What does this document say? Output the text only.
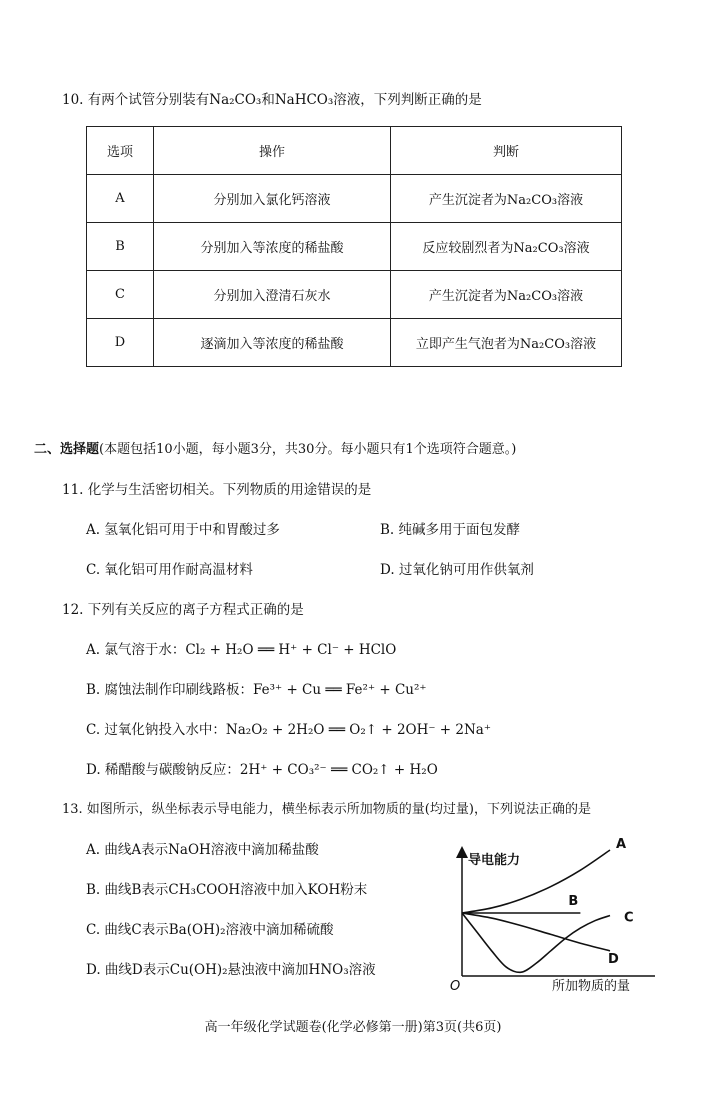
10. 有两个试管分别装有Na₂CO₃和NaHCO₃溶液，下列判断正确的是
选项	操作	判断
A	分别加入氯化钙溶液	产生沉淀者为Na₂CO₃溶液
B	分别加入等浓度的稀盐酸	反应较剧烈者为Na₂CO₃溶液
C	分别加入澄清石灰水	产生沉淀者为Na₂CO₃溶液
D	逐滴加入等浓度的稀盐酸	立即产生气泡者为Na₂CO₃溶液
二、选择题(本题包括10小题，每小题3分，共30分。每小题只有1个选项符合题意。)
11. 化学与生活密切相关。下列物质的用途错误的是
A. 氢氧化铝可用于中和胃酸过多	B. 纯碱多用于面包发酵
C. 氧化铝可用作耐高温材料	D. 过氧化钠可用作供氧剂
12. 下列有关反应的离子方程式正确的是
A. 氯气溶于水：Cl₂ + H₂O ══ H⁺ + Cl⁻ + HClO
B. 腐蚀法制作印刷线路板：Fe³⁺ + Cu ══ Fe²⁺ + Cu²⁺
C. 过氧化钠投入水中：Na₂O₂ + 2H₂O ══ O₂↑ + 2OH⁻ + 2Na⁺
D. 稀醋酸与碳酸钠反应：2H⁺ + CO₃²⁻ ══ CO₂↑ + H₂O
13. 如图所示，纵坐标表示导电能力，横坐标表示所加物质的量(均过量)，下列说法正确的是
A. 曲线A表示NaOH溶液中滴加稀盐酸
B. 曲线B表示CH₃COOH溶液中加入KOH粉末
C. 曲线C表示Ba(OH)₂溶液中滴加稀硫酸
D. 曲线D表示Cu(OH)₂悬浊液中滴加HNO₃溶液
导电能力
O	所加物质的量
A
B
C
D
高一年级化学试题卷(化学必修第一册)第3页(共6页)
